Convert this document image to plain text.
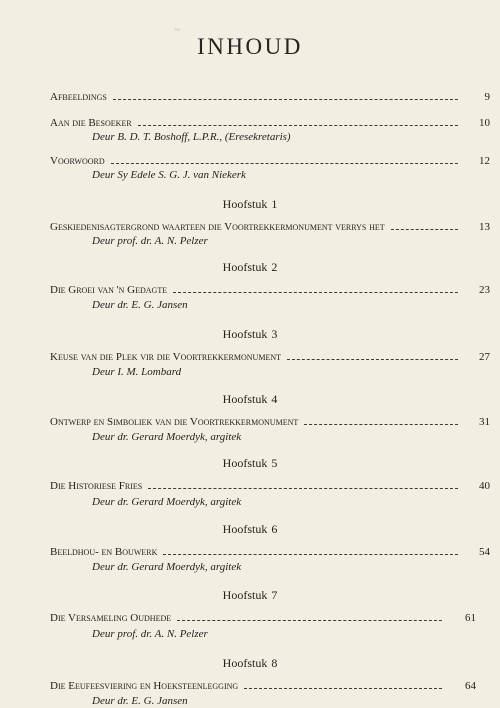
~
INHOUD
Afbeeldings	9
Aan die Besoeker	10
Deur B. D. T. Boshoff, L.P.R., (Eresekretaris)
Voorwoord	12
Deur Sy Edele S. G. J. van Niekerk
Hoofstuk 1
Geskiedenisagtergrond waarteen die Voortrekkermonument verrys het	13
Deur prof. dr. A. N. Pelzer
Hoofstuk 2
Die Groei van 'n Gedagte	23
Deur dr. E. G. Jansen
Hoofstuk 3
Keuse van die Plek vir die Voortrekkermonument	27
Deur I. M. Lombard
Hoofstuk 4
Ontwerp en Simboliek van die Voortrekkermonument	31
Deur dr. Gerard Moerdyk, argitek
Hoofstuk 5
Die Historiese Fries	40
Deur dr. Gerard Moerdyk, argitek
Hoofstuk 6
Beeldhou- en Bouwerk	54
Deur dr. Gerard Moerdyk, argitek
Hoofstuk 7
Die Versameling Oudhede	61
Deur prof. dr. A. N. Pelzer
Hoofstuk 8
Die Eeufeesviering en Hoeksteenlegging	64
Deur dr. E. G. Jansen
